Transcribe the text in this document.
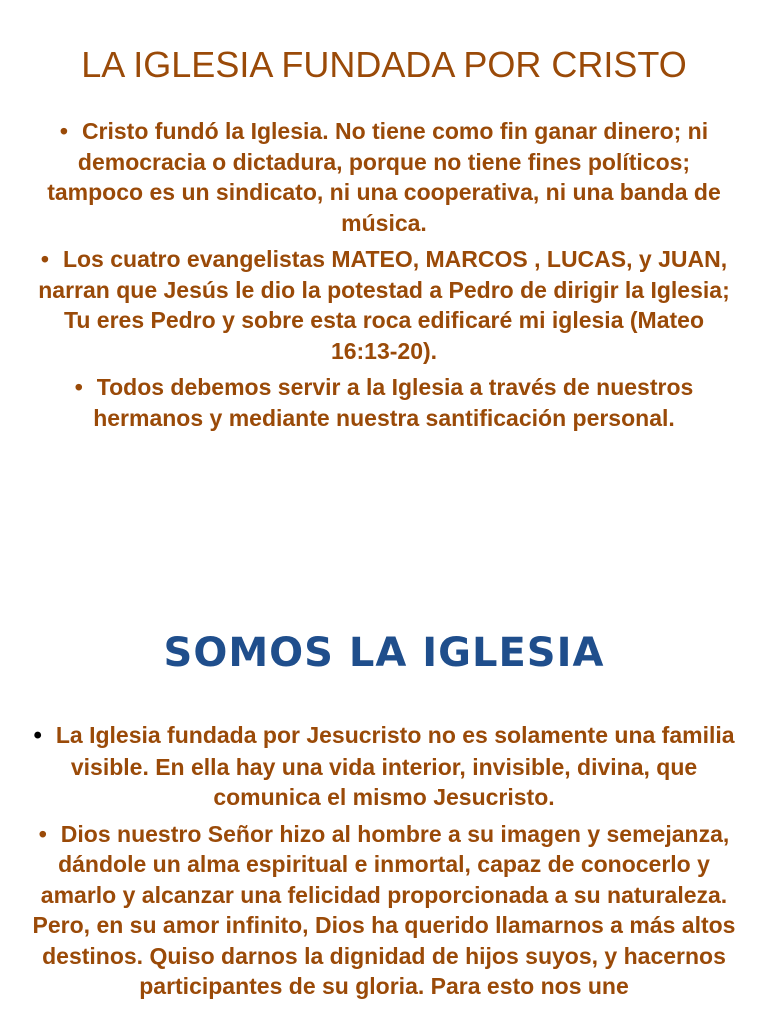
LA IGLESIA FUNDADA POR CRISTO
• Cristo fundó la Iglesia. No tiene como fin ganar dinero; ni democracia o dictadura, porque no tiene fines políticos; tampoco es un sindicato, ni una cooperativa, ni una banda de música.
• Los cuatro evangelistas MATEO, MARCOS , LUCAS, y JUAN, narran que Jesús le dio la potestad a Pedro de dirigir la Iglesia; Tu eres Pedro y sobre esta roca edificaré mi iglesia (Mateo 16:13-20).
• Todos debemos servir a la Iglesia a través de nuestros hermanos y mediante nuestra santificación personal.
SOMOS LA IGLESIA
• La Iglesia fundada por Jesucristo no es solamente una familia visible. En ella hay una vida interior, invisible, divina, que comunica el mismo Jesucristo.
• Dios nuestro Señor hizo al hombre a su imagen y semejanza, dándole un alma espiritual e inmortal, capaz de conocerlo y amarlo y alcanzar una felicidad proporcionada a su naturaleza. Pero, en su amor infinito, Dios ha querido llamarnos a más altos destinos. Quiso darnos la dignidad de hijos suyos, y hacernos participantes de su gloria. Para esto nos une
